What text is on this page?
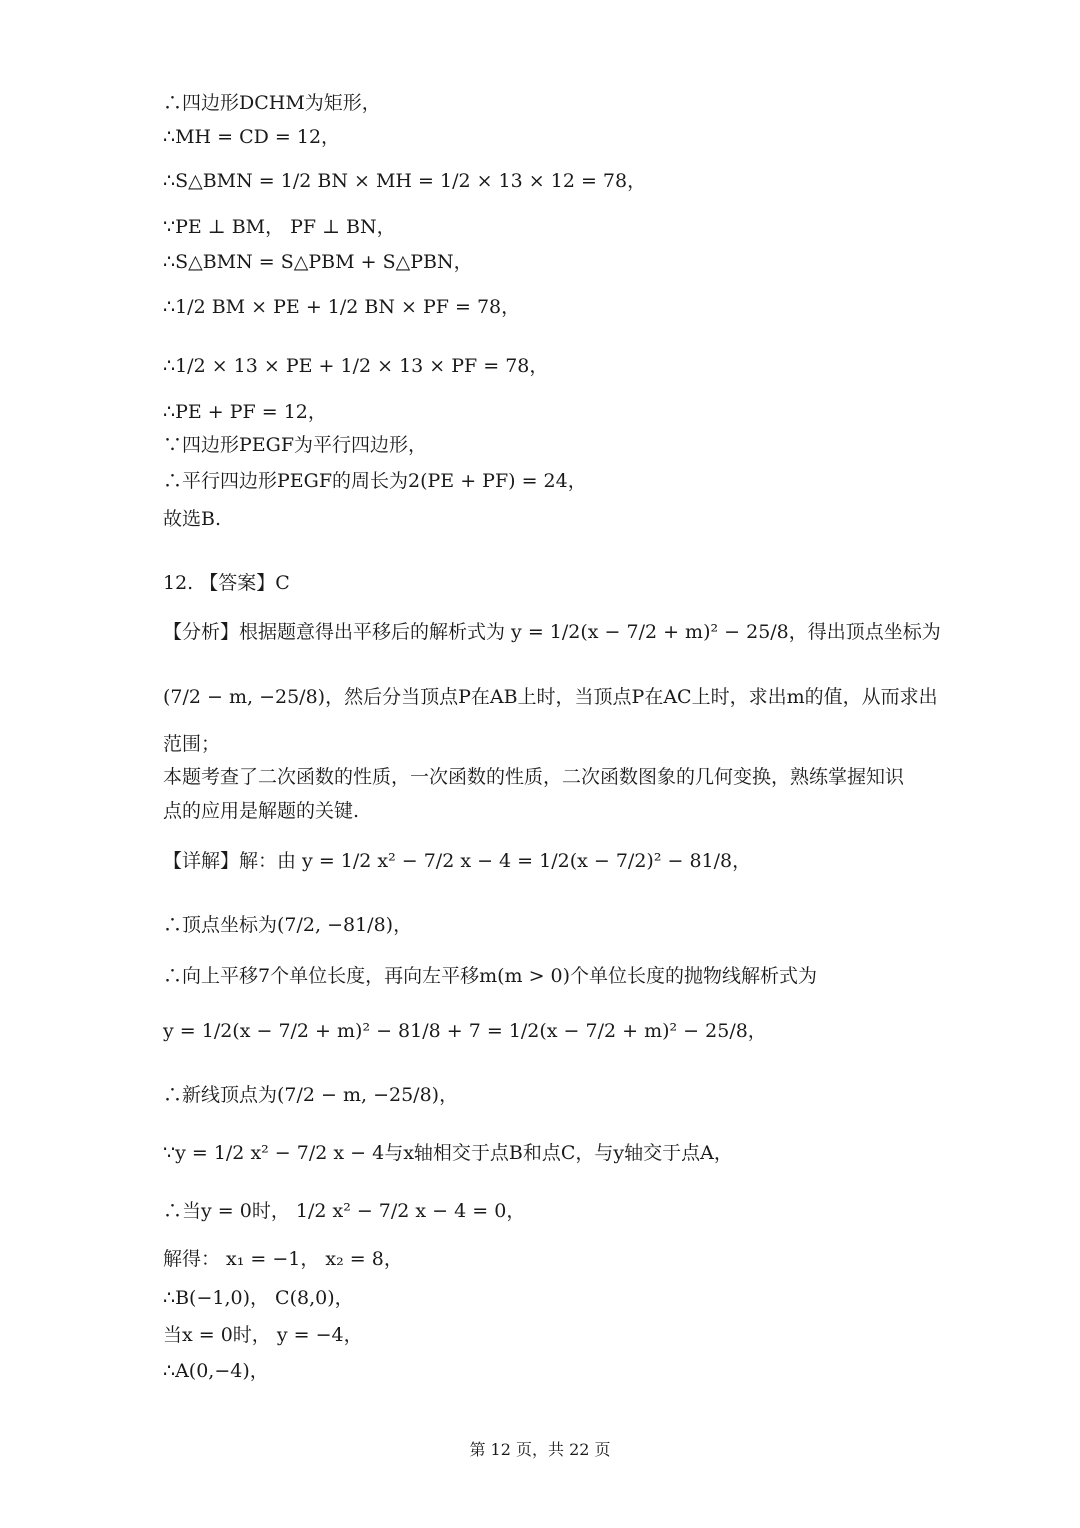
∴四边形DCHM为矩形，
∴MH = CD = 12，
∴S△BMN = 1/2 BN × MH = 1/2 × 13 × 12 = 78，
∵PE ⊥ BM， PF ⊥ BN，
∴S△BMN = S△PBM + S△PBN，
∴1/2 BM × PE + 1/2 BN × PF = 78，
∴1/2 × 13 × PE + 1/2 × 13 × PF = 78，
∴PE + PF = 12，
∵四边形PEGF为平行四边形，
∴平行四边形PEGF的周长为2(PE + PF) = 24，
故选B.
12. 【答案】C
【分析】根据题意得出平移后的解析式为 y = 1/2(x − 7/2 + m)² − 25/8，得出顶点坐标为
(7/2 − m, −25/8)，然后分当顶点P在AB上时，当顶点P在AC上时，求出m的值，从而求出
范围；
本题考查了二次函数的性质，一次函数的性质，二次函数图象的几何变换，熟练掌握知识
点的应用是解题的关键.
【详解】解：由 y = 1/2 x² − 7/2 x − 4 = 1/2(x − 7/2)² − 81/8，
∴顶点坐标为(7/2, −81/8)，
∴向上平移7个单位长度，再向左平移m(m > 0)个单位长度的抛物线解析式为
y = 1/2(x − 7/2 + m)² − 81/8 + 7 = 1/2(x − 7/2 + m)² − 25/8，
∴新线顶点为(7/2 − m, −25/8)，
∵y = 1/2 x² − 7/2 x − 4与x轴相交于点B和点C，与y轴交于点A，
∴当y = 0时， 1/2 x² − 7/2 x − 4 = 0，
解得： x₁ = −1， x₂ = 8，
∴B(−1,0)， C(8,0)，
当x = 0时， y = −4，
∴A(0,−4)，
第 12 页，共 22 页
